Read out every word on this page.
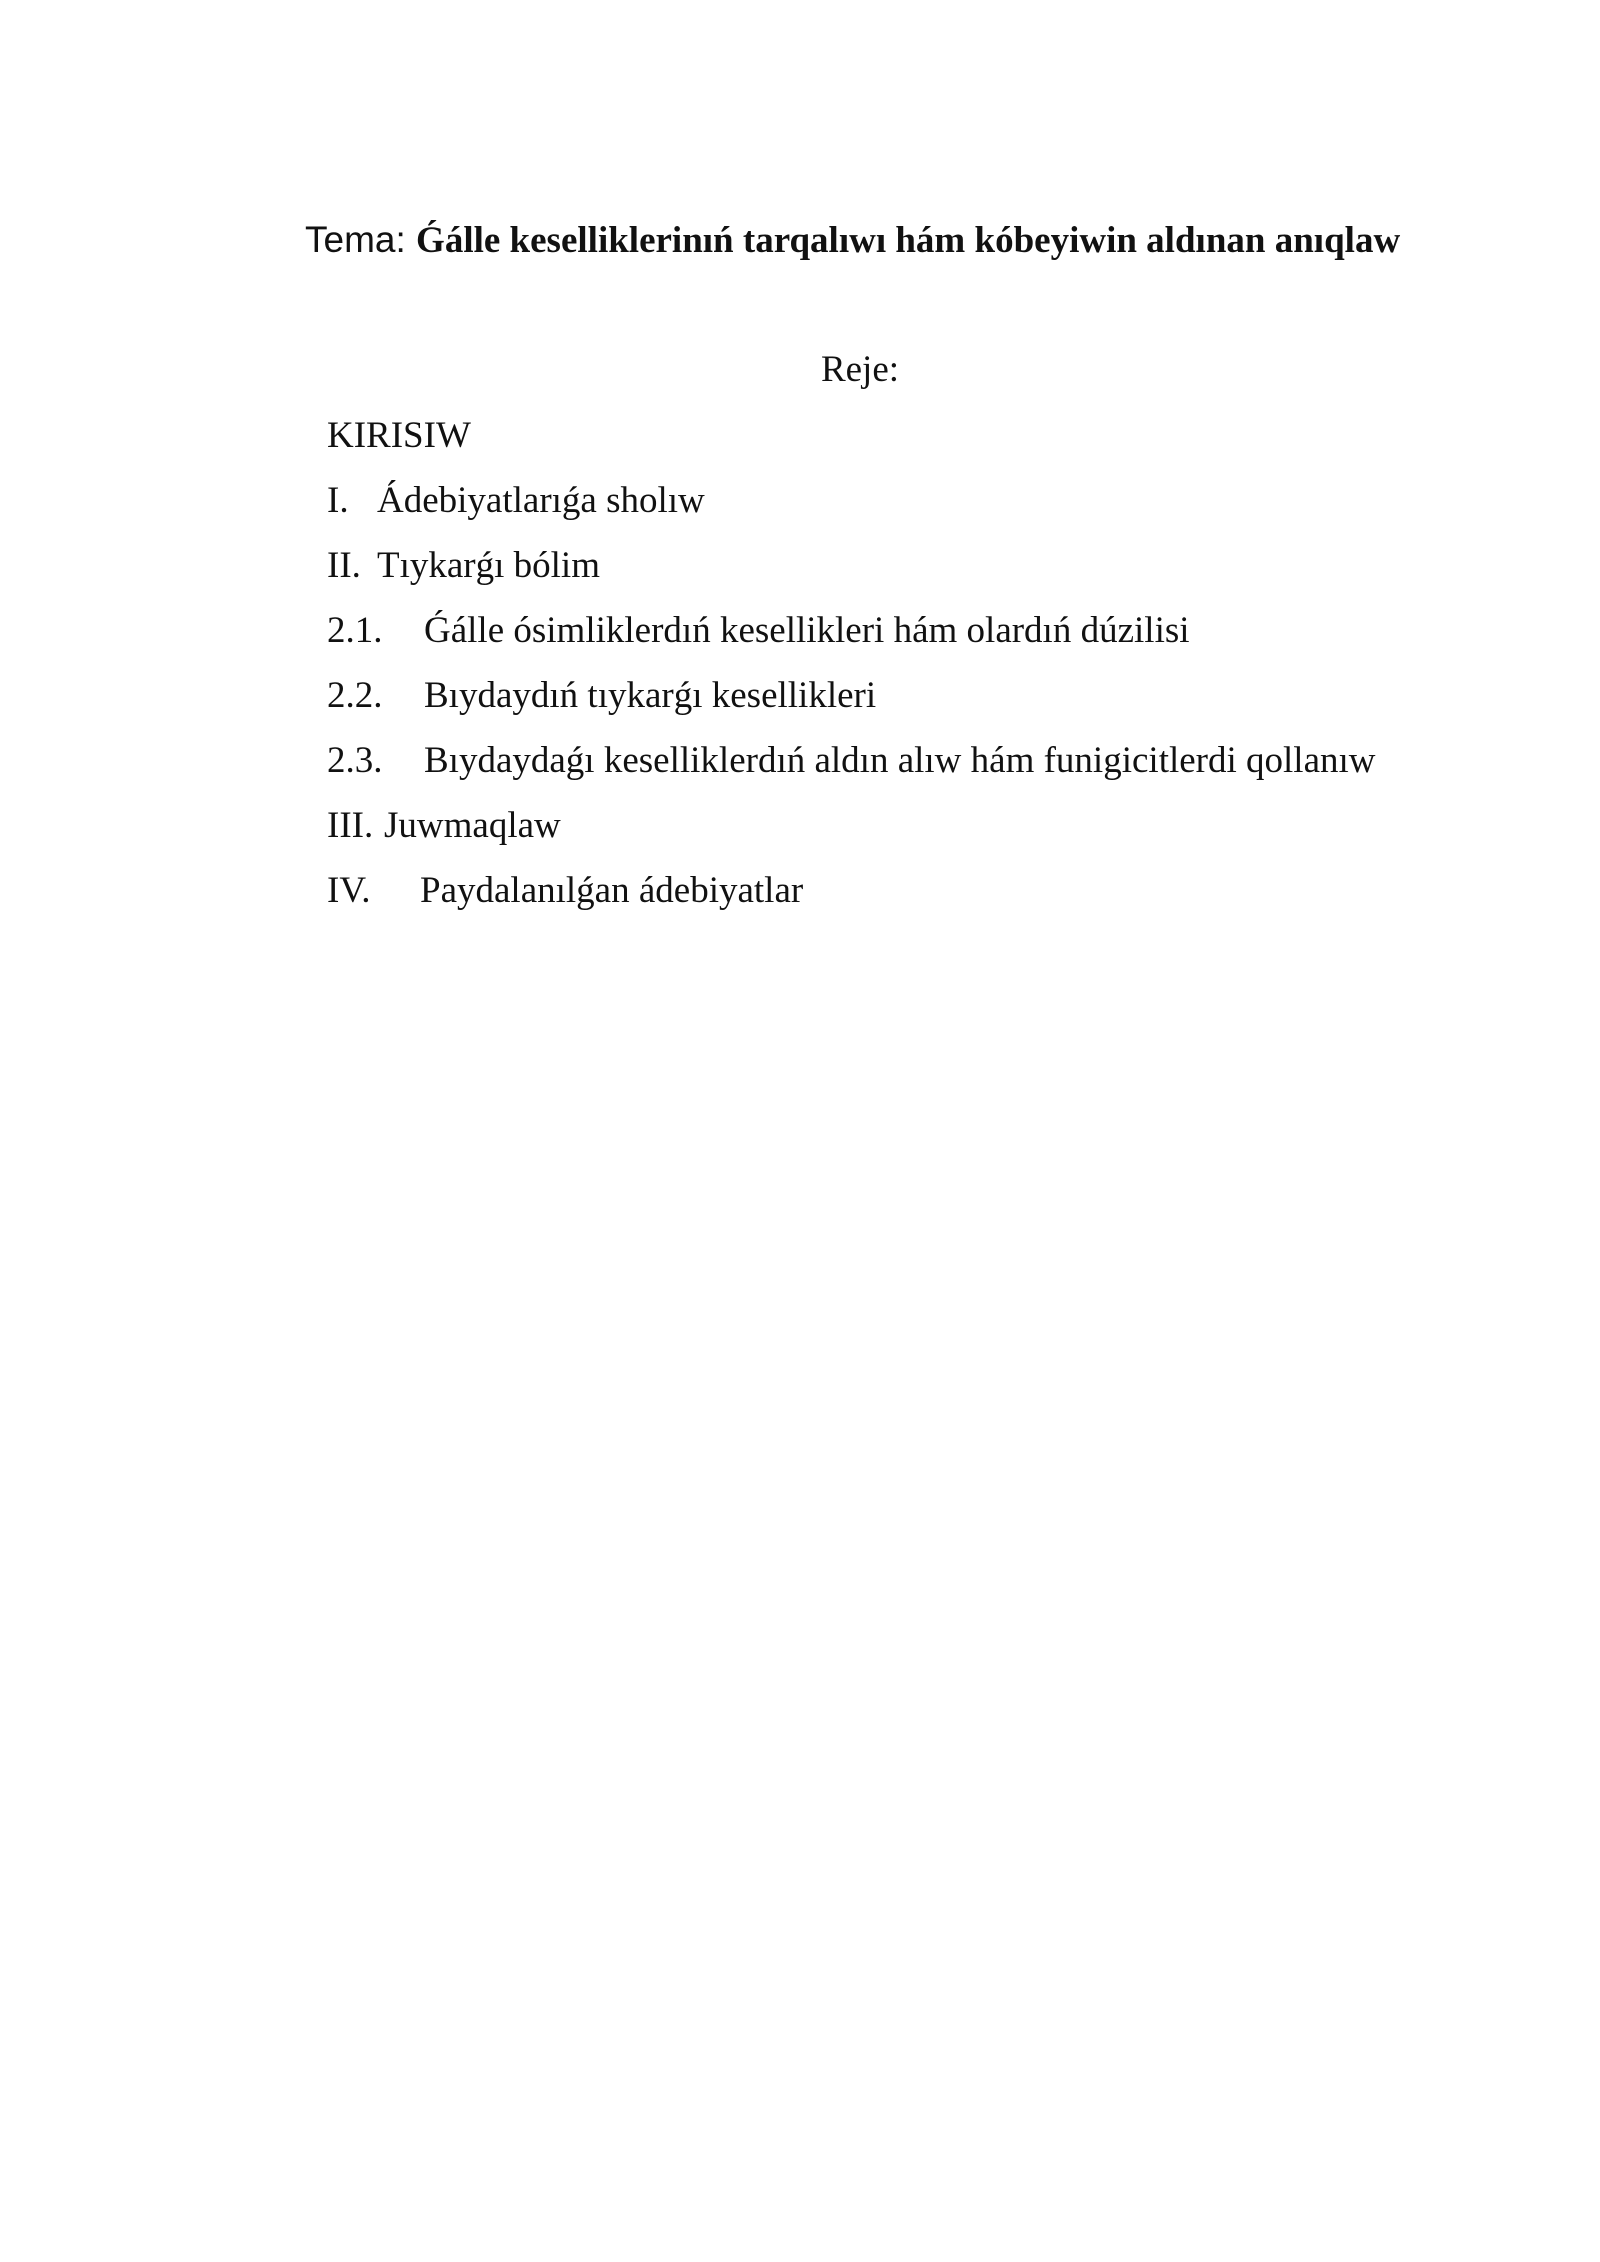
Tema: Ǵálle keselliklerinıń tarqalıwı hám kóbeyiwin aldınan anıqlaw
Reje:
KIRISIW
I. Ádebiyatlarıǵa sholıw
II. Tıykarǵı bólim
2.1.	Ǵálle ósimliklerdıń kesellikleri hám olardıń dúzilisi
2.2.	Bıydaydıń tıykarǵı kesellikleri
2.3.	Bıydaydaǵı keselliklerdıń aldın alıw hám funigicitlerdi qollanıw
III. Juwmaqlaw
IV.	Paydalanılǵan ádebiyatlar
